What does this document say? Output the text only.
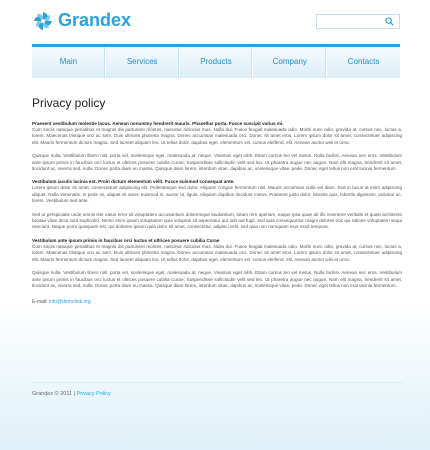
Grandex
Main	Services	Products	Company	Contacts
Privacy policy
Praesent vestibulum molestie lacus. Aenean nonummy hendrerit mauris. Phasellus porta. Fusce suscipit varius mi.
Cum sociis natoque penatibus et magnis dis parturient montes, nascetur ridiculus mus. Nulla dui. Fusce feugiat malesuada odio. Morbi nunc odio, gravida at, cursus nec, luctus a, lorem. Maecenas tristique orci ac sem. Duis ultricies pharetra magna. Donec accumsan malesuada orci. Donec sit amet eros. Lorem ipsum dolor sit amet, consectetuer adipiscing elit. Mauris fermentum dictum magna. Sed laoreet aliquam leo. Ut tellus dolor, dapibus eget, elementum vel, cursus eleifend, elit. Aenean auctor wisi et urna.
Quisque nulla. Vestibulum libero nisl, porta vel, scelerisque eget, malesuada at, neque. Vivamus eget nibh. Etiam cursus leo vel metus. Nulla facilisi. Aenean nec eros. Vestibulum ante ipsum primis in faucibus orci luctus et ultrices posuere cubilia Curae; Suspendisse sollicitudin velit sed leo. Ut pharetra augue nec augue. Nam elit magna, hendrerit sit amet, tincidunt ac, viverra sed, nulla. Donec porta diam eu massa. Quisque diam lorem, interdum vitae, dapibus ac, scelerisque vitae, pede. Donec eget tellus non erat lacinia fermentum.
Vestibulum iaculis lacinia est. Proin dictum elementum velit. Fusce euismod consequat ante.
Lorem ipsum dolor sit amet, consectetuer adipiscing elit. Pellentesque sed dolor. Aliquam congue fermentum nisl. Mauris accumsan nulla vel diam. Sed in lacus ut enim adipiscing aliquet. Nulla venenatis. In pede mi, aliquet sit amet, euismod in, auctor ut, ligula. Aliquam dapibus tincidunt metus. Praesent justo dolor, lobortis quis, lobortis dignissim, pulvinar ac, lorem. Vestibulum sed ante.
Sed ut perspiciatis unde omnis iste natus error sit voluptatem accusantium doloremque laudantium, totam rem aperiam, eaque ipsa quae ab illo inventore veritatis et quasi architecto beatae vitae dicta sunt explicabo. Nemo enim ipsam voluptatem quia voluptas sit aspernatur aut odit aut fugit, sed quia consequuntur magni dolores eos qui ratione voluptatem sequi nesciunt. Neque porro quisquam est, qui dolorem ipsum quia dolor sit amet, consectetur, adipisci velit, sed quia non numquam eius modi tempora.
Vestibulum ante ipsum primis in faucibus orci luctus et ultrices posuere cubilia Curae
Cum sociis natoque penatibus et magnis dis parturient montes, nascetur ridiculus mus. Nulla dui. Fusce feugiat malesuada odio. Morbi nunc odio, gravida at, cursus nec, luctus a, lorem. Maecenas tristique orci ac sem. Duis ultricies pharetra magna. Donec accumsan malesuada orci. Donec sit amet eros. Lorem ipsum dolor sit amet, consectetuer adipiscing elit. Mauris fermentum dictum magna. Sed laoreet aliquam leo. Ut tellus dolor, dapibus eget, elementum vel, cursus eleifend, elit. Aenean auctor wisi et urna.
Quisque nulla. Vestibulum libero nisl, porta vel, scelerisque eget, malesuada at, neque. Vivamus eget nibh. Etiam cursus leo vel metus. Nulla facilisi. Aenean nec eros. Vestibulum ante ipsum primis in faucibus orci luctus et ultrices posuere cubilia Curae; Suspendisse sollicitudin velit sed leo. Ut pharetra augue nec augue. Nam elit magna, hendrerit sit amet, tincidunt ac, viverra sed, nulla. Donec porta diam eu massa. Quisque diam lorem, interdum vitae, dapibus ac, scelerisque vitae, pede. Donec eget tellus non erat lacinia fermentum.
E-mail: info@demolink.org
Grandex © 2011 | Privacy Policy
